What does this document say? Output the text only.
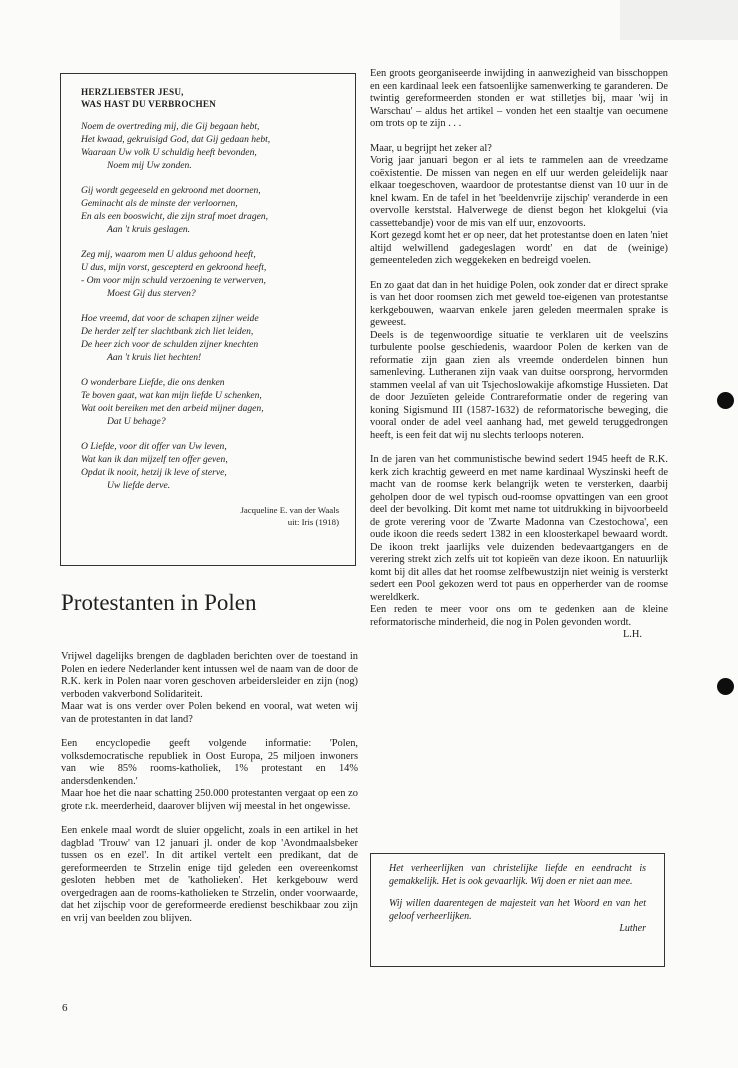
HERZLIEBSTER JESU,
WAS HAST DU VERBROCHEN
Noem de overtreding mij, die Gij begaan hebt,
Het kwaad, gekruisigd God, dat Gij gedaan hebt,
Waaraan Uw volk U schuldig heeft bevonden,
Noem mij Uw zonden.
Gij wordt gegeeseld en gekroond met doornen,
Geminacht als de minste der verloornen,
En als een booswicht, die zijn straf moet dragen,
Aan 't kruis geslagen.
Zeg mij, waarom men U aldus gehoond heeft,
U dus, mijn vorst, gescepterd en gekroond heeft,
- Om voor mijn schuld verzoening te verwerven,
Moest Gij dus sterven?
Hoe vreemd, dat voor de schapen zijner weide
De herder zelf ter slachtbank zich liet leiden,
De heer zich voor de schulden zijner knechten
Aan 't kruis liet hechten!
O wonderbare Liefde, die ons denken
Te boven gaat, wat kan mijn liefde U schenken,
Wat ooit bereiken met den arbeid mijner dagen,
Dat U behage?
O Liefde, voor dit offer van Uw leven,
Wat kan ik dan mijzelf ten offer geven,
Opdat ik nooit, hetzij ik leve of sterve,
Uw liefde derve.
Jacqueline E. van der Waals
uit: Iris (1918)
Protestanten in Polen

Vrijwel dagelijks brengen de dagbladen berichten over de toestand in Polen en iedere Nederlander kent intussen wel de naam van de door de R.K. kerk in Polen naar voren geschoven arbeidersleider en zijn (nog) verboden vakverbond Solidariteit.

Maar wat is ons verder over Polen bekend en vooral, wat weten wij van de protestanten in dat land?

Een encyclopedie geeft volgende informatie: 'Polen, volksdemocratische republiek in Oost Europa, 25 miljoen inwoners van wie 85% rooms-katholiek, 1% protestant en 14% andersdenkenden.'

Maar hoe het die naar schatting 250.000 protestanten vergaat op een zo grote r.k. meerderheid, daarover blijven wij meestal in het ongewisse.

Een enkele maal wordt de sluier opgelicht, zoals in een artikel in het dagblad 'Trouw' van 12 januari jl. onder de kop 'Avondmaalsbeker tussen os en ezel'. In dit artikel vertelt een predikant, dat de gereformeerden te Strzelin enige tijd geleden een overeenkomst gesloten hebben met de 'katholieken'. Het kerkgebouw werd overgedragen aan de rooms-katholieken te Strzelin, onder voorwaarde, dat het zijschip voor de gereformeerde eredienst beschikbaar zou zijn en vrij van beelden zou blijven.

Een groots georganiseerde inwijding in aanwezigheid van bisschoppen en een kardinaal leek een fatsoenlijke samenwerking te garanderen. De twintig gereformeerden stonden er wat stilletjes bij, maar 'wij in Warschau' – aldus het artikel – vonden het een staaltje van oecumene om trots op te zijn . . .

Maar, u begrijpt het zeker al?

Vorig jaar januari begon er al iets te rammelen aan de vreedzame coëxistentie. De missen van negen en elf uur werden geleidelijk naar elkaar toegeschoven, waardoor de protestantse dienst van 10 uur in de knel kwam. En de tafel in het 'beeldenvrije zijschip' veranderde in een overvolle kerststal. Halverwege de dienst begon het klokgelui (via cassettebandje) voor de mis van elf uur, enzovoorts.

Kort gezegd komt het er op neer, dat het protestantse doen en laten 'niet altijd welwillend gadegeslagen wordt' en dat de (weinige) gemeenteleden zich weggekeken en bedreigd voelen.

En zo gaat dat dan in het huidige Polen, ook zonder dat er direct sprake is van het door roomsen zich met geweld toe-eigenen van protestantse kerkgebouwen, waarvan enkele jaren geleden meermalen sprake is geweest.

Deels is de tegenwoordige situatie te verklaren uit de veelszins turbulente poolse geschiedenis, waardoor Polen de kerken van de reformatie zijn gaan zien als vreemde onderdelen binnen hun samenleving. Lutheranen zijn vaak van duitse oorsprong, hervormden stammen veelal af van uit Tsjechoslowakije afkomstige Hussieten. Dat de door Jezuïeten geleide Contrareformatie onder de regering van koning Sigismund III (1587-1632) de reformatorische beweging, die vooral onder de adel veel aanhang had, met geweld teruggedrongen heeft, is een feit dat wij nu slechts terloops noteren.

In de jaren van het communistische bewind sedert 1945 heeft de R.K. kerk zich krachtig geweerd en met name kardinaal Wyszinski heeft de macht van de roomse kerk belangrijk weten te versterken, daarbij geholpen door de wel typisch oud-roomse opvattingen van een groot deel der bevolking. Dit komt met name tot uitdrukking in bijvoorbeeld de grote verering voor de 'Zwarte Madonna van Czestochowa', een oude ikoon die reeds sedert 1382 in een kloosterkapel bewaard wordt. De ikoon trekt jaarlijks vele duizenden bedevaartgangers en de verering strekt zich zelfs uit tot kopieën van deze ikoon. En natuurlijk komt bij dit alles dat het roomse zelfbewustzijn niet weinig is versterkt sedert een Pool gekozen werd tot paus en opperherder van de roomse wereldkerk.

Een reden te meer voor ons om te gedenken aan de kleine reformatorische minderheid, die nog in Polen gevonden wordt.

L.H.

Het verheerlijken van christelijke liefde en eendracht is gemakkelijk. Het is ook gevaarlijk. Wij doen er niet aan mee.

Wij willen daarentegen de majesteit van het Woord en van het geloof verheerlijken.

Luther

6
